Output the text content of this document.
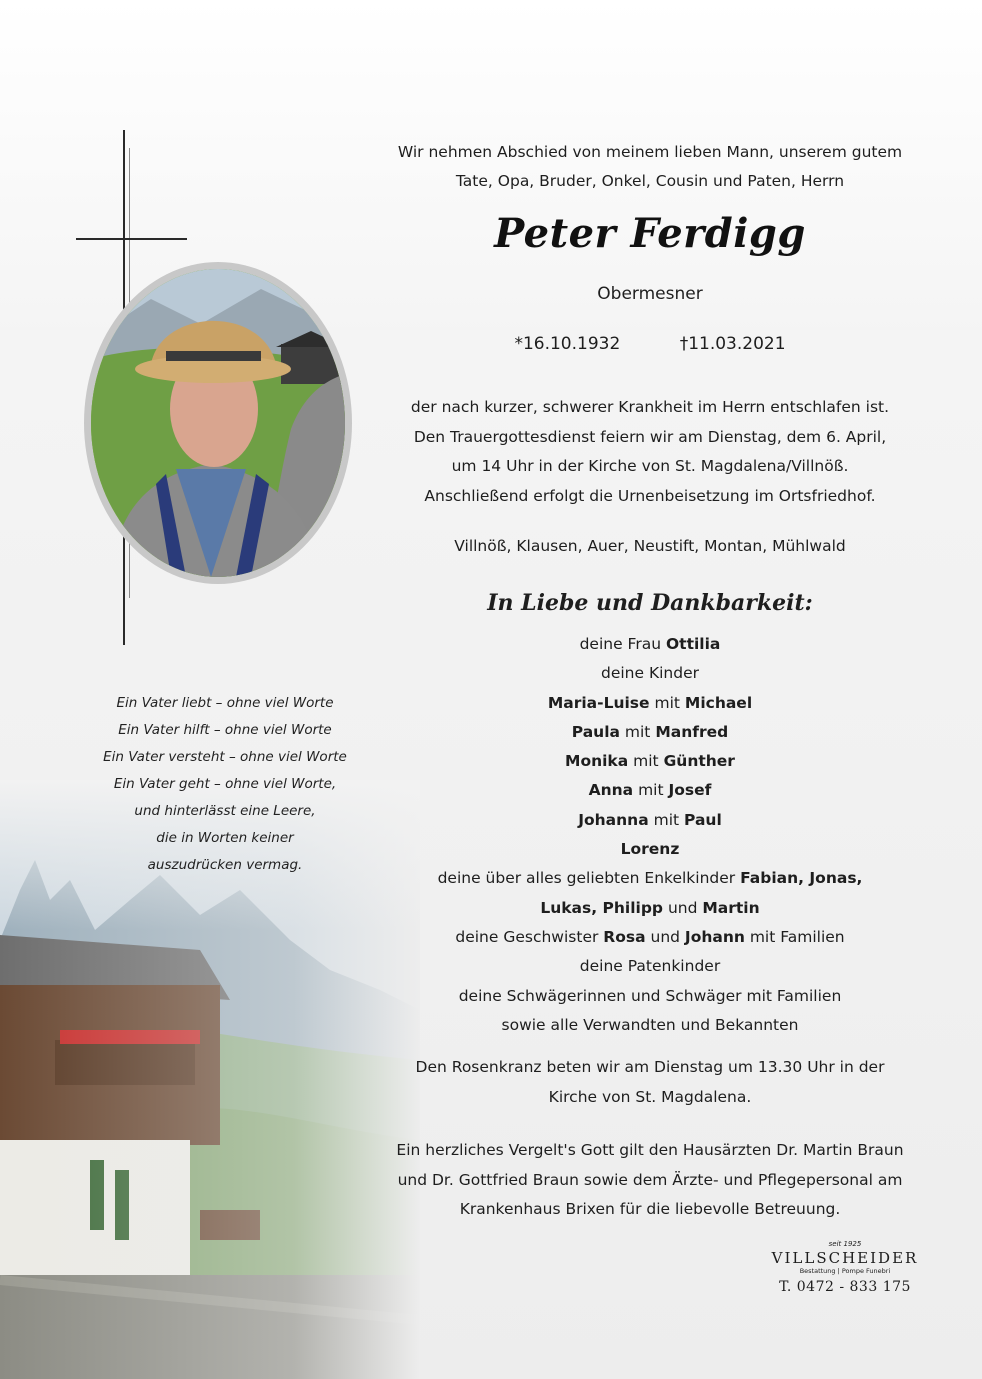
Wir nehmen Abschied von meinem lieben Mann, unserem gutem
Tate, Opa, Bruder, Onkel, Cousin und Paten, Herrn
Peter Ferdigg
Obermesner
*16.10.1932	†11.03.2021
der nach kurzer, schwerer Krankheit im Herrn entschlafen ist.
Den Trauergottesdienst feiern wir am Dienstag, dem 6. April,
um 14 Uhr in der Kirche von St. Magdalena/Villnöß.
Anschließend erfolgt die Urnenbeisetzung im Ortsfriedhof.
Villnöß, Klausen, Auer, Neustift, Montan, Mühlwald
In Liebe und Dankbarkeit:
deine Frau Ottilia
deine Kinder
Maria-Luise mit Michael
Paula mit Manfred
Monika mit Günther
Anna mit Josef
Johanna mit Paul
Lorenz
deine über alles geliebten Enkelkinder Fabian, Jonas,
Lukas, Philipp und Martin
deine Geschwister Rosa und Johann mit Familien
deine Patenkinder
deine Schwägerinnen und Schwäger mit Familien
sowie alle Verwandten und Bekannten
Den Rosenkranz beten wir am Dienstag um 13.30 Uhr in der
Kirche von St. Magdalena.
Ein herzliches Vergelt's Gott gilt den Hausärzten Dr. Martin Braun
und Dr. Gottfried Braun sowie dem Ärzte- und Pflegepersonal am
Krankenhaus Brixen für die liebevolle Betreuung.
Ein Vater liebt – ohne viel Worte
Ein Vater hilft – ohne viel Worte
Ein Vater versteht – ohne viel Worte
Ein Vater geht – ohne viel Worte,
und hinterlässt eine Leere,
die in Worten keiner
auszudrücken vermag.
seit 1925
VILLSCHEIDER
Bestattung | Pompe Funebri
T. 0472 - 833 175
